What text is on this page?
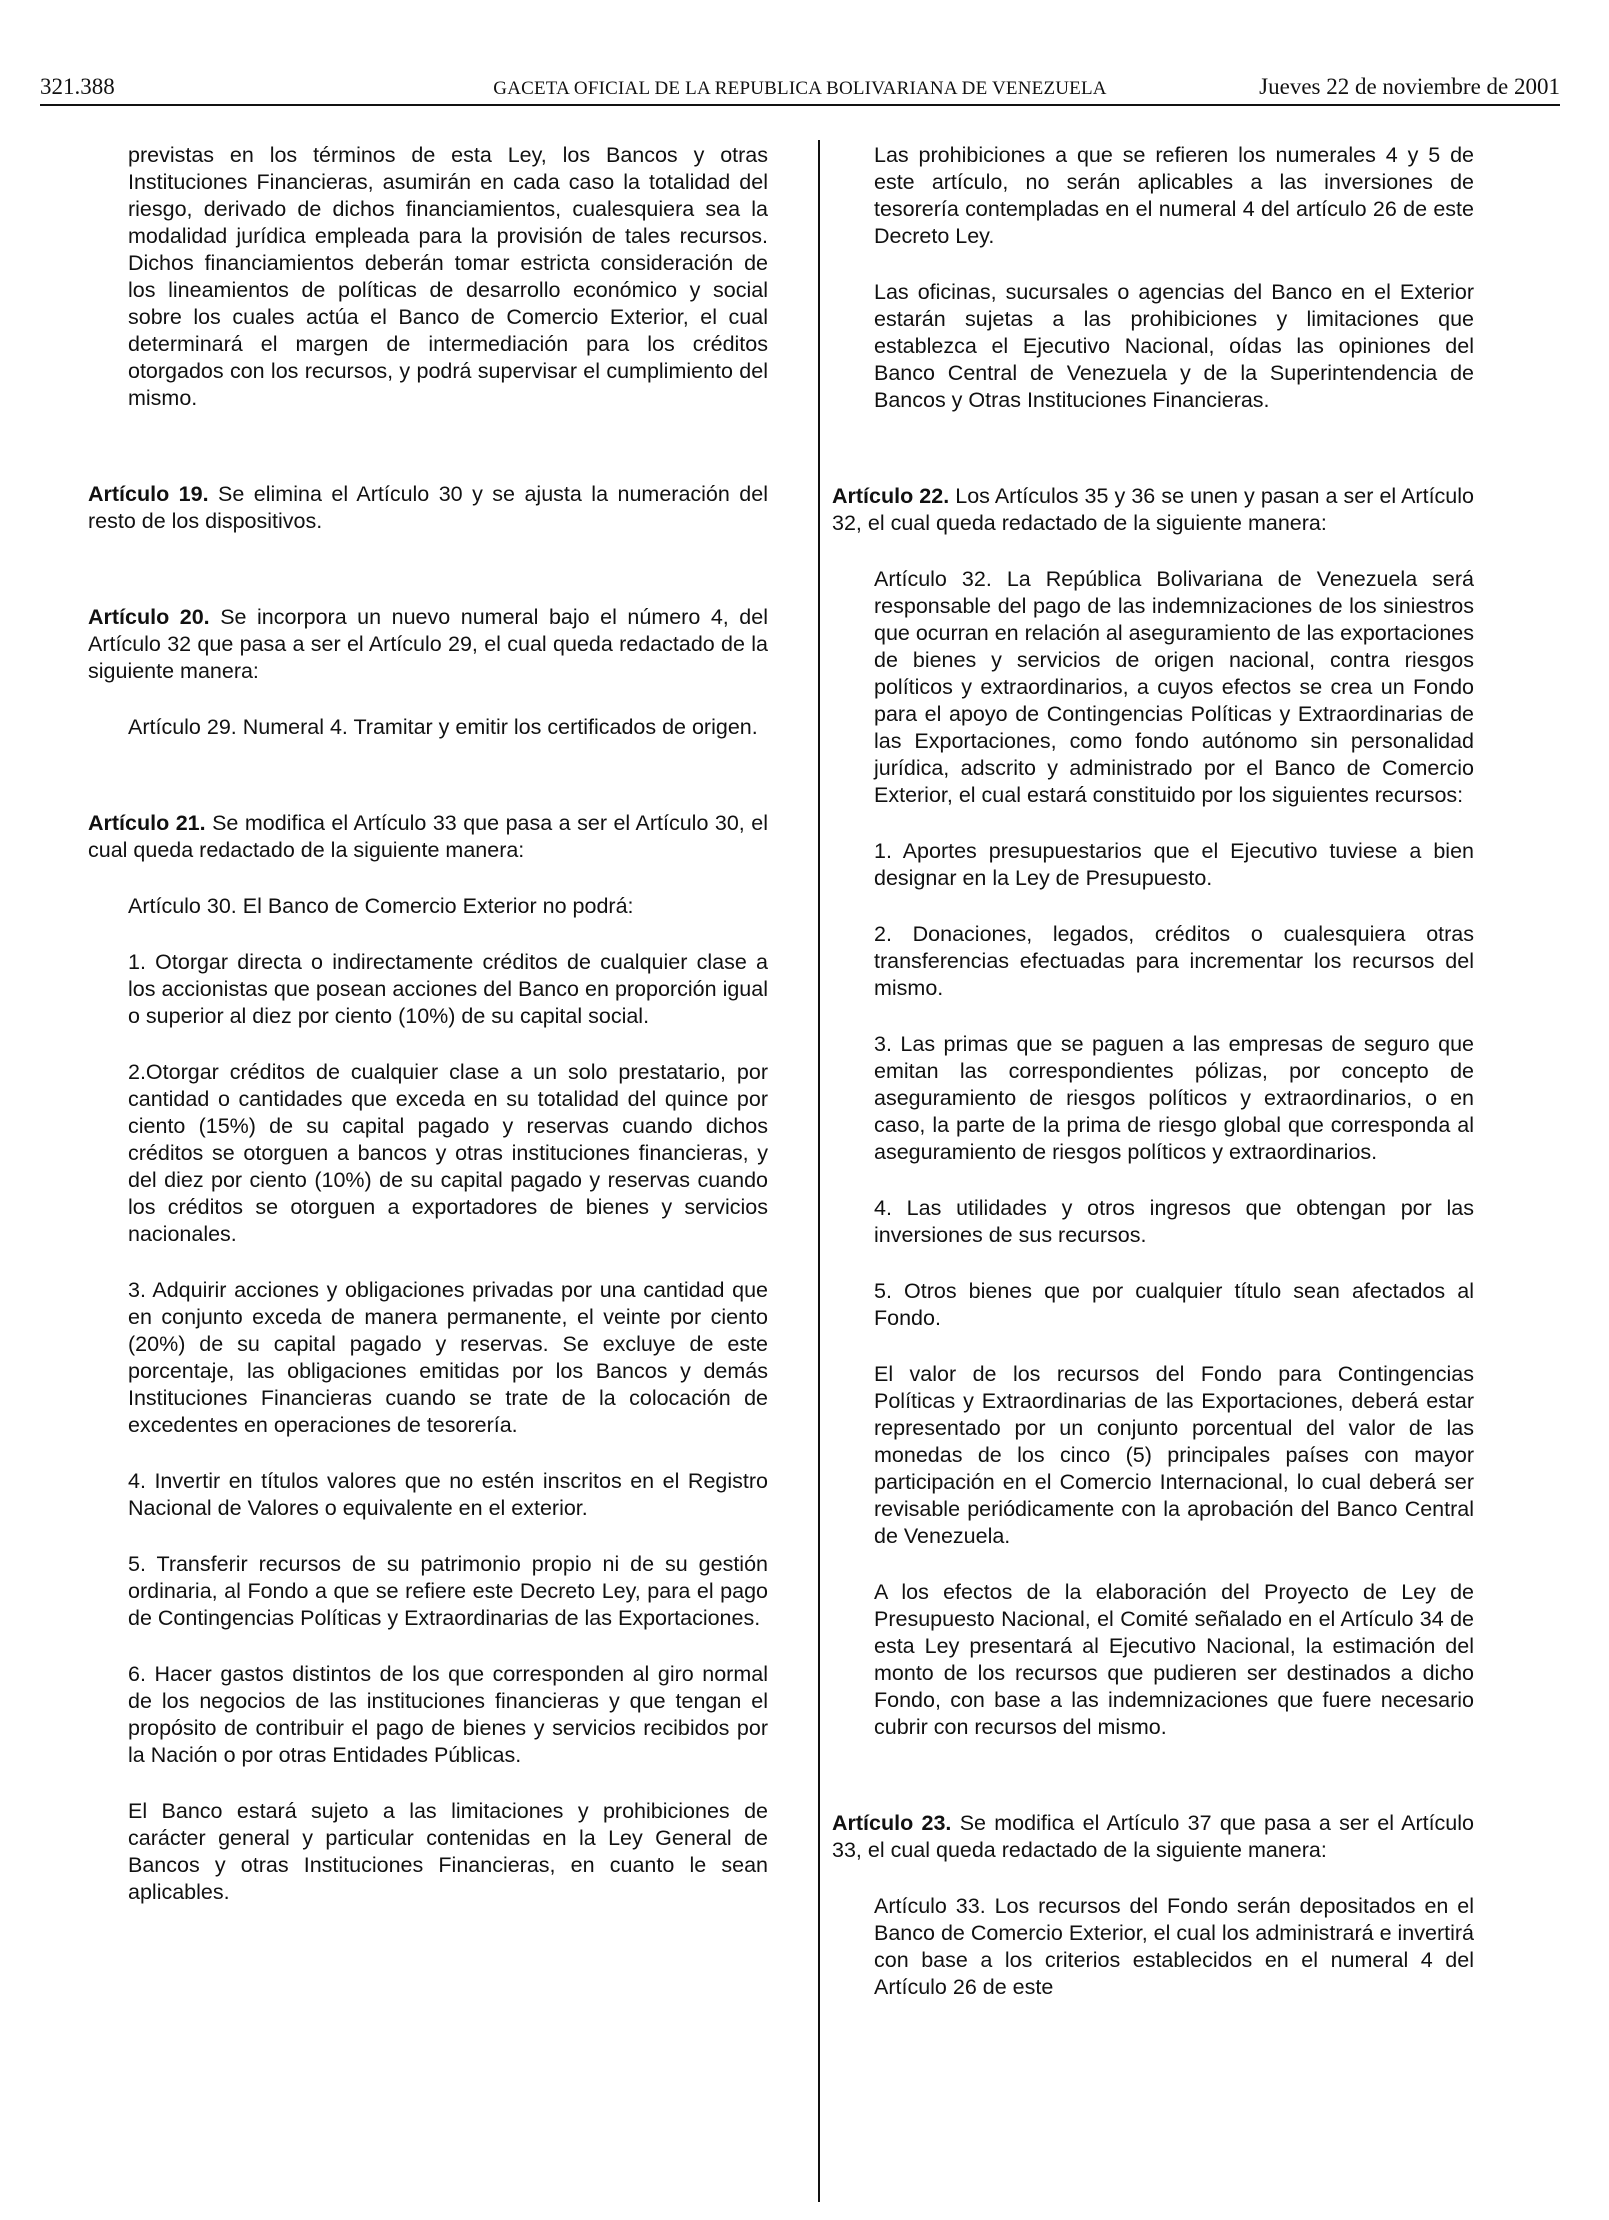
321.388	GACETA OFICIAL DE LA REPUBLICA BOLIVARIANA DE VENEZUELA	Jueves 22 de noviembre de 2001

previstas en los términos de esta Ley, los Bancos y otras Instituciones Financieras, asumirán en cada caso la totalidad del riesgo, derivado de dichos financiamientos, cualesquiera sea la modalidad jurídica empleada para la provisión de tales recursos. Dichos financiamientos deberán tomar estricta consideración de los lineamientos de políticas de desarrollo económico y social sobre los cuales actúa el Banco de Comercio Exterior, el cual determinará el margen de intermediación para los créditos otorgados con los recursos, y podrá supervisar el cumplimiento del mismo.

Artículo 19. Se elimina el Artículo 30 y se ajusta la numeración del resto de los dispositivos.

Artículo 20. Se incorpora un nuevo numeral bajo el número 4, del Artículo 32 que pasa a ser el Artículo 29, el cual queda redactado de la siguiente manera:

Artículo 29. Numeral 4. Tramitar y emitir los certificados de origen.

Artículo 21. Se modifica el Artículo 33 que pasa a ser el Artículo 30, el cual queda redactado de la siguiente manera:

Artículo 30. El Banco de Comercio Exterior no podrá:

1. Otorgar directa o indirectamente créditos de cualquier clase a los accionistas que posean acciones del Banco en proporción igual o superior al diez por ciento (10%) de su capital social.

2.Otorgar créditos de cualquier clase a un solo prestatario, por cantidad o cantidades que exceda en su totalidad del quince por ciento (15%) de su capital pagado y reservas cuando dichos créditos se otorguen a bancos y otras instituciones financieras, y del diez por ciento (10%) de su capital pagado y reservas cuando los créditos se otorguen a exportadores de bienes y servicios nacionales.

3. Adquirir acciones y obligaciones privadas por una cantidad que en conjunto exceda de manera permanente, el veinte por ciento (20%) de su capital pagado y reservas. Se excluye de este porcentaje, las obligaciones emitidas por los Bancos y demás Instituciones Financieras cuando se trate de la colocación de excedentes en operaciones de tesorería.

4. Invertir en títulos valores que no estén inscritos en el Registro Nacional de Valores o equivalente en el exterior.

5. Transferir recursos de su patrimonio propio ni de su gestión ordinaria, al Fondo a que se refiere este Decreto Ley, para el pago de Contingencias Políticas y Extraordinarias de las Exportaciones.

6. Hacer gastos distintos de los que corresponden al giro normal de los negocios de las instituciones financieras y que tengan el propósito de contribuir el pago de bienes y servicios recibidos por la Nación o por otras Entidades Públicas.

El Banco estará sujeto a las limitaciones y prohibiciones de carácter general y particular contenidas en la Ley General de Bancos y otras Instituciones Financieras, en cuanto le sean aplicables.

Las prohibiciones a que se refieren los numerales 4 y 5 de este artículo, no serán aplicables a las inversiones de tesorería contempladas en el numeral 4 del artículo 26 de este Decreto Ley.

Las oficinas, sucursales o agencias del Banco en el Exterior estarán sujetas a las prohibiciones y limitaciones que establezca el Ejecutivo Nacional, oídas las opiniones del Banco Central de Venezuela y de la Superintendencia de Bancos y Otras Instituciones Financieras.

Artículo 22. Los Artículos 35 y 36 se unen y pasan a ser el Artículo 32, el cual queda redactado de la siguiente manera:

Artículo 32. La República Bolivariana de Venezuela será responsable del pago de las indemnizaciones de los siniestros que ocurran en relación al aseguramiento de las exportaciones de bienes y servicios de origen nacional, contra riesgos políticos y extraordinarios, a cuyos efectos se crea un Fondo para el apoyo de Contingencias Políticas y Extraordinarias de las Exportaciones, como fondo autónomo sin personalidad jurídica, adscrito y administrado por el Banco de Comercio Exterior, el cual estará constituido por los siguientes recursos:

1. Aportes presupuestarios que el Ejecutivo tuviese a bien designar en la Ley de Presupuesto.

2. Donaciones, legados, créditos o cualesquiera otras transferencias efectuadas para incrementar los recursos del mismo.

3. Las primas que se paguen a las empresas de seguro que emitan las correspondientes pólizas, por concepto de aseguramiento de riesgos políticos y extraordinarios, o en caso, la parte de la prima de riesgo global que corresponda al aseguramiento de riesgos políticos y extraordinarios.

4. Las utilidades y otros ingresos que obtengan por las inversiones de sus recursos.

5. Otros bienes que por cualquier título sean afectados al Fondo.

El valor de los recursos del Fondo para Contingencias Políticas y Extraordinarias de las Exportaciones, deberá estar representado por un conjunto porcentual del valor de las monedas de los cinco (5) principales países con mayor participación en el Comercio Internacional, lo cual deberá ser revisable periódicamente con la aprobación del Banco Central de Venezuela.

A los efectos de la elaboración del Proyecto de Ley de Presupuesto Nacional, el Comité señalado en el Artículo 34 de esta Ley presentará al Ejecutivo Nacional, la estimación del monto de los recursos que pudieren ser destinados a dicho Fondo, con base a las indemnizaciones que fuere necesario cubrir con recursos del mismo.

Artículo 23. Se modifica el Artículo 37 que pasa a ser el Artículo 33, el cual queda redactado de la siguiente manera:

Artículo 33. Los recursos del Fondo serán depositados en el Banco de Comercio Exterior, el cual los administrará e invertirá con base a los criterios establecidos en el numeral 4 del Artículo 26 de este
